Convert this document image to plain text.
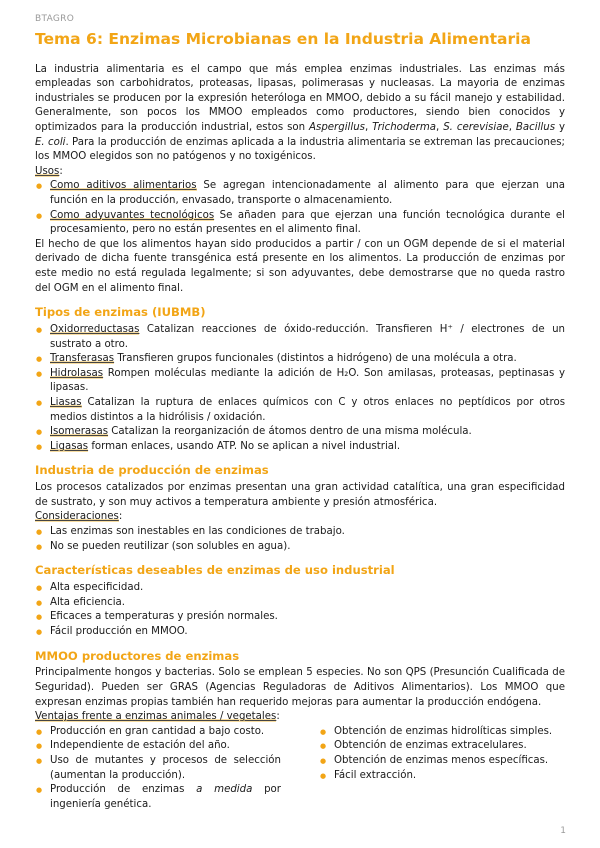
BTAGRO
Tema 6: Enzimas Microbianas en la Industria Alimentaria

La industria alimentaria es el campo que más emplea enzimas industriales. Las enzimas más empleadas son carbohidratos, proteasas, lipasas, polimerasas y nucleasas. La mayoria de enzimas industriales se producen por la expresión heteróloga en MMOO, debido a su fácil manejo y estabilidad. Generalmente, son pocos los MMOO empleados como productores, siendo bien conocidos y optimizados para la producción industrial, estos son Aspergillus, Trichoderma, S. cerevisiae, Bacillus y E. coli. Para la producción de enzimas aplicada a la industria alimentaria se extreman las precauciones; los MMOO elegidos son no patógenos y no toxigénicos.

Usos:

● Como aditivos alimentarios Se agregan intencionadamente al alimento para que ejerzan una función en la producción, envasado, transporte o almacenamiento.
● Como adyuvantes tecnológicos Se añaden para que ejerzan una función tecnológica durante el procesamiento, pero no están presentes en el alimento final.

El hecho de que los alimentos hayan sido producidos a partir / con un OGM depende de si el material derivado de dicha fuente transgénica está presente en los alimentos. La producción de enzimas por este medio no está regulada legalmente; si son adyuvantes, debe demostrarse que no queda rastro del OGM en el alimento final.

Tipos de enzimas (IUBMB)
● Oxidorreductasas Catalizan reacciones de óxido-reducción. Transfieren H⁺ / electrones de un sustrato a otro.
● Transferasas Transfieren grupos funcionales (distintos a hidrógeno) de una molécula a otra.
● Hidrolasas Rompen moléculas mediante la adición de H₂O. Son amilasas, proteasas, peptinasas y lipasas.
● Liasas Catalizan la ruptura de enlaces químicos con C y otros enlaces no peptídicos por otros medios distintos a la hidrólisis / oxidación.
● Isomerasas Catalizan la reorganización de átomos dentro de una misma molécula.
● Ligasas forman enlaces, usando ATP. No se aplican a nivel industrial.
Industria de producción de enzimas

Los procesos catalizados por enzimas presentan una gran actividad catalítica, una gran especificidad de sustrato, y son muy activos a temperatura ambiente y presión atmosférica.

Consideraciones:

● Las enzimas son inestables en las condiciones de trabajo.
● No se pueden reutilizar (son solubles en agua).
Características deseables de enzimas de uso industrial
● Alta especificidad.
● Alta eficiencia.
● Eficaces a temperaturas y presión normales.
● Fácil producción en MMOO.
MMOO productores de enzimas

Principalmente hongos y bacterias. Solo se emplean 5 especies. No son QPS (Presunción Cualificada de Seguridad). Pueden ser GRAS (Agencias Reguladoras de Aditivos Alimentarios). Los MMOO que expresan enzimas propias también han requerido mejoras para aumentar la producción endógena.

Ventajas frente a enzimas animales / vegetales:

● Producción en gran cantidad a bajo costo.
● Independiente de estación del año.
● Uso de mutantes y procesos de selección (aumentan la producción).
● Producción de enzimas a medida por ingeniería genética.
● Obtención de enzimas hidrolíticas simples.
● Obtención de enzimas extracelulares.
● Obtención de enzimas menos específicas.
● Fácil extracción.
1
